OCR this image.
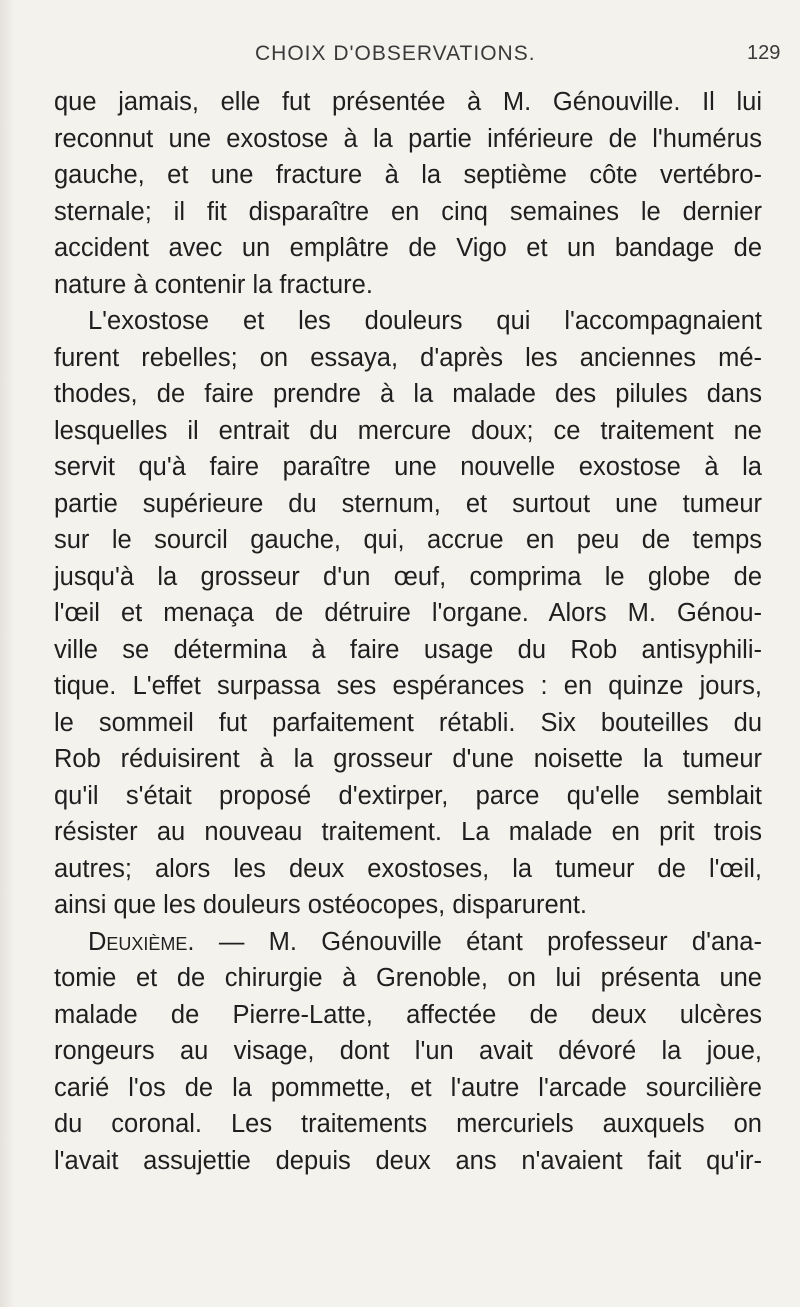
CHOIX D'OBSERVATIONS.	129
que jamais, elle fut présentée à M. Génouville. Il lui
reconnut une exostose à la partie inférieure de l'humérus
gauche, et une fracture à la septième côte vertébro-
sternale; il fit disparaître en cinq semaines le dernier
accident avec un emplâtre de Vigo et un bandage de
nature à contenir la fracture.
L'exostose et les douleurs qui l'accompagnaient
furent rebelles; on essaya, d'après les anciennes mé-
thodes, de faire prendre à la malade des pilules dans
lesquelles il entrait du mercure doux; ce traitement ne
servit qu'à faire paraître une nouvelle exostose à la
partie supérieure du sternum, et surtout une tumeur
sur le sourcil gauche, qui, accrue en peu de temps
jusqu'à la grosseur d'un œuf, comprima le globe de
l'œil et menaça de détruire l'organe. Alors M. Génou-
ville se détermina à faire usage du Rob antisyphili-
tique. L'effet surpassa ses espérances : en quinze jours,
le sommeil fut parfaitement rétabli. Six bouteilles du
Rob réduisirent à la grosseur d'une noisette la tumeur
qu'il s'était proposé d'extirper, parce qu'elle semblait
résister au nouveau traitement. La malade en prit trois
autres; alors les deux exostoses, la tumeur de l'œil,
ainsi que les douleurs ostéocopes, disparurent.
Deuxième. — M. Génouville étant professeur d'ana-
tomie et de chirurgie à Grenoble, on lui présenta une
malade de Pierre-Latte, affectée de deux ulcères
rongeurs au visage, dont l'un avait dévoré la joue,
carié l'os de la pommette, et l'autre l'arcade sourcilière
du coronal. Les traitements mercuriels auxquels on
l'avait assujettie depuis deux ans n'avaient fait qu'ir-
